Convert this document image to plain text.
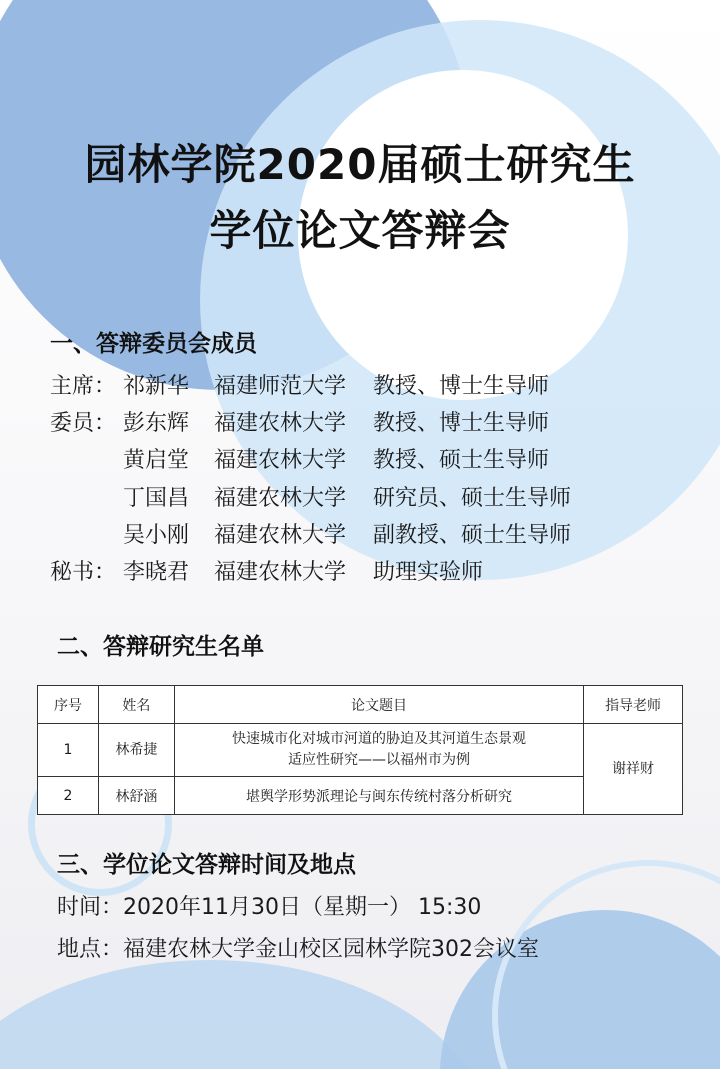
园林学院2020届硕士研究生
学位论文答辩会
一、答辩委员会成员
主席： 祁新华 福建师范大学 教授、博士生导师
委员： 彭东辉 福建农林大学 教授、博士生导师
黄启堂 福建农林大学 教授、硕士生导师
丁国昌 福建农林大学 研究员、硕士生导师
吴小刚 福建农林大学 副教授、硕士生导师
秘书： 李晓君 福建农林大学 助理实验师
二、答辩研究生名单
序号	姓名	论文题目	指导老师
1	林希捷	快速城市化对城市河道的胁迫及其河道生态景观
适应性研究——以福州市为例	谢祥财
2	林舒涵	堪舆学形势派理论与闽东传统村落分析研究	
三、学位论文答辩时间及地点
时间：2020年11月30日（星期一） 15:30
地点：福建农林大学金山校区园林学院302会议室
